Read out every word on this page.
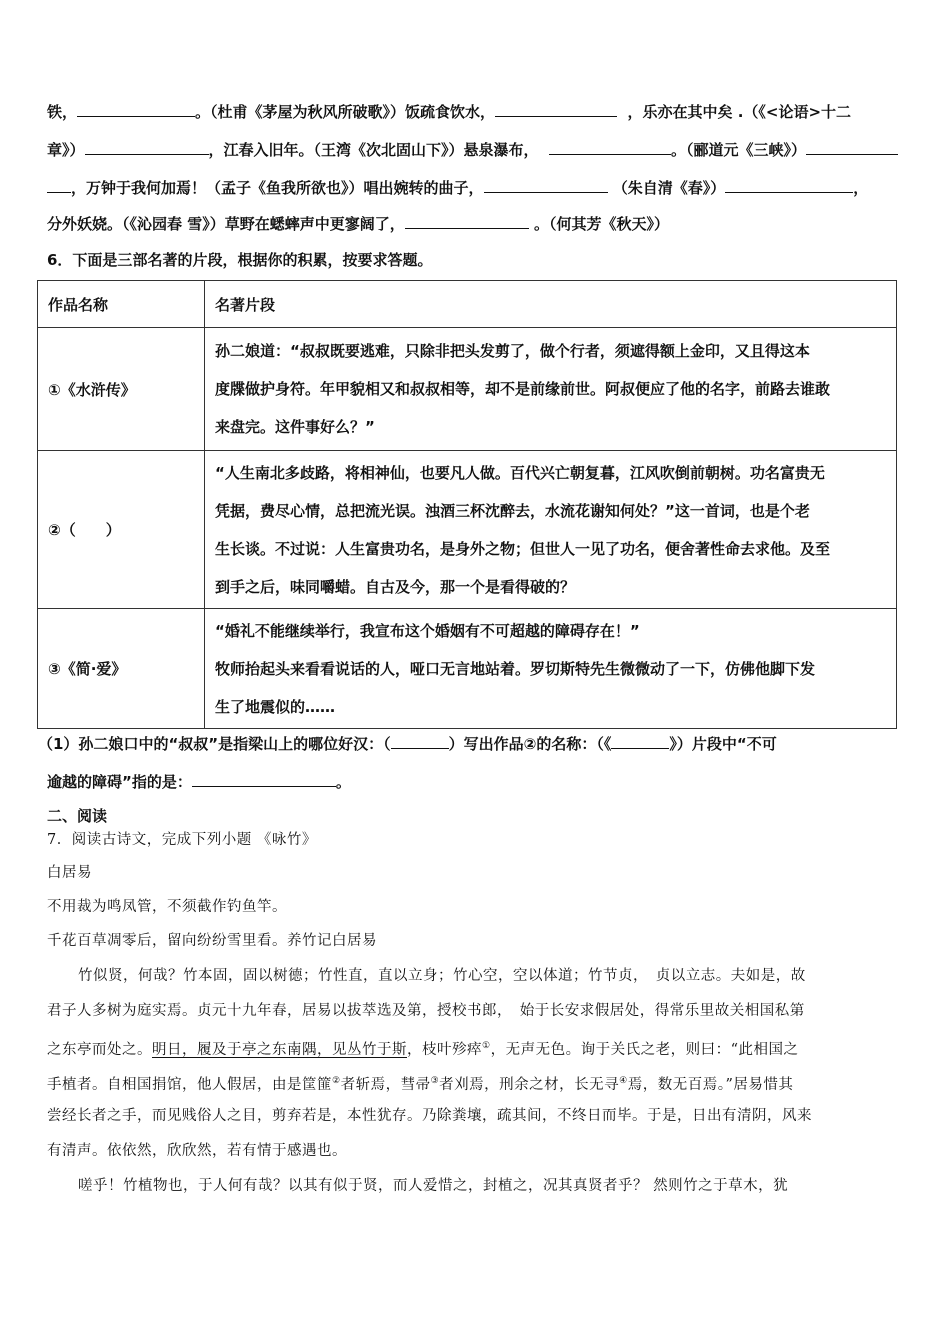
铁，	。（杜甫《茅屋为秋风所破歌》）饭疏食饮水，	，乐亦在其中矣 .（《<论语>十二
章》）	，江春入旧年。（王湾《次北固山下》）悬泉瀑布，	。（郦道元《三峡》）
，万钟于我何加焉！（孟子《鱼我所欲也》）唱出婉转的曲子，	（朱自清《春》）	，
分外妖娆。（《沁园春 雪》）草野在蟋蟀声中更寥阔了，	。（何其芳《秋天》）
6．下面是三部名著的片段，根据你的积累，按要求答题。
作品名称	名著片段
①《水浒传》	孙二娘道：“叔叔既要逃难，只除非把头发剪了，做个行者，须遮得额上金印，又且得这本
度牒做护身符。年甲貌相又和叔叔相等，却不是前缘前世。阿叔便应了他的名字，前路去谁敢
来盘完。这件事好么？”

②（　　）	“人生南北多歧路，将相神仙，也要凡人做。百代兴亡朝复暮，江风吹倒前朝树。功名富贵无
凭据，费尽心情，总把流光误。浊酒三杯沈醉去，水流花谢知何处？”这一首词，也是个老
生长谈。不过说：人生富贵功名，是身外之物；但世人一见了功名，便舍著性命去求他。及至
到手之后，味同嚼蜡。自古及今，那一个是看得破的？

③《简·爱》	“婚礼不能继续举行，我宣布这个婚姻有不可超越的障碍存在！”
牧师抬起头来看看说话的人，哑口无言地站着。罗切斯特先生微微动了一下，仿佛他脚下发
生了地震似的……
（1）孙二娘口中的“叔叔”是指梁山上的哪位好汉：（	）写出作品②的名称：（《	》）片段中“不可
逾越的障碍”指的是：	。
二、阅读
7．阅读古诗文，完成下列小题 《咏竹》
白居易
不用裁为鸣凤管，不须截作钓鱼竿。
千花百草凋零后，留向纷纷雪里看。养竹记白居易
竹似贤，何哉？竹本固，固以树德；竹性直，直以立身；竹心空，空以体道；竹节贞，　贞以立志。夫如是，故
君子人多树为庭实焉。贞元十九年春，居易以拔萃选及第，授校书郎，　始于长安求假居处，得常乐里故关相国私第
之东亭而处之。明日，履及于亭之东南隅，见丛竹于斯，枝叶殄瘁①，无声无色。询于关氏之老，则曰：“此相国之
手植者。自相国捐馆，他人假居，由是筐篚②者斩焉，彗帚③者刈焉，刑余之材，长无寻④焉，数无百焉。”居易惜其
尝经长者之手，而见贱俗人之目，剪弃若是，本性犹存。乃除粪壤，疏其间，不终日而毕。于是，日出有清阴，风来
有清声。依依然，欣欣然，若有情于感遇也。
嗟乎！竹植物也，于人何有哉？以其有似于贤，而人爱惜之，封植之，况其真贤者乎？ 然则竹之于草木，犹
